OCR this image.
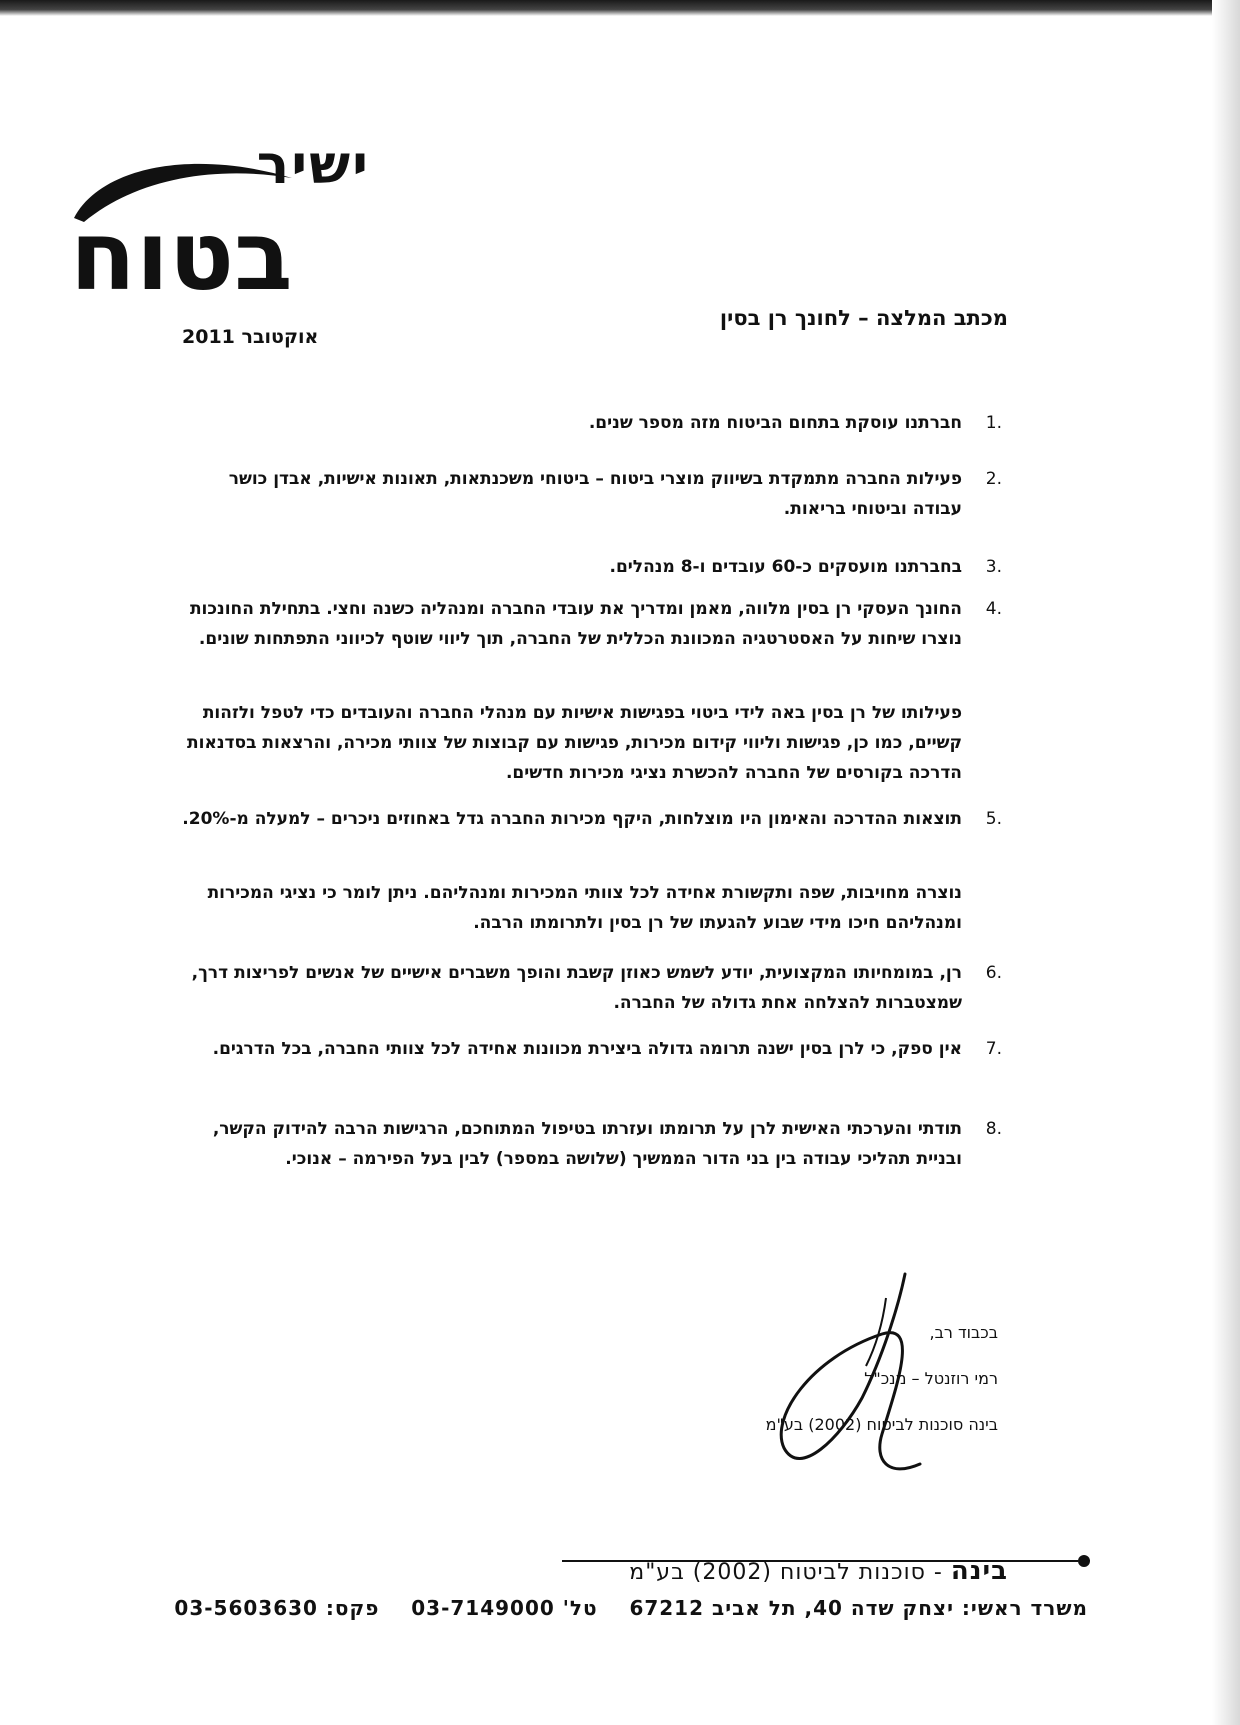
ישיר
בטוח
אוקטובר 2011
מכתב המלצה – לחונך רן בסין
1.
חברתנו עוסקת בתחום הביטוח מזה מספר שנים.
2.
פעילות החברה מתמקדת בשיווק מוצרי ביטוח – ביטוחי משכנתאות, תאונות אישיות, אבדן כושר עבודה וביטוחי בריאות.
3.
בחברתנו מועסקים כ-60 עובדים ו-8 מנהלים.
4.
החונך העסקי רן בסין מלווה, מאמן ומדריך את עובדי החברה ומנהליה כשנה וחצי. בתחילת החונכות נוצרו שיחות על האסטרטגיה המכוונת הכללית של החברה, תוך ליווי שוטף לכיווני התפתחות שונים.
פעילותו של רן בסין באה לידי ביטוי בפגישות אישיות עם מנהלי החברה והעובדים כדי לטפל ולזהות קשיים, כמו כן, פגישות וליווי קידום מכירות, פגישות עם קבוצות של צוותי מכירה, והרצאות בסדנאות הדרכה בקורסים של החברה להכשרת נציגי מכירות חדשים.
5.
תוצאות ההדרכה והאימון היו מוצלחות, היקף מכירות החברה גדל באחוזים ניכרים – למעלה מ-20%.
נוצרה מחויבות, שפה ותקשורת אחידה לכל צוותי המכירות ומנהליהם. ניתן לומר כי נציגי המכירות ומנהליהם חיכו מידי שבוע להגעתו של רן בסין ולתרומתו הרבה.
6.
רן, במומחיותו המקצועית, יודע לשמש כאוזן קשבת והופך משברים אישיים של אנשים לפריצות דרך, שמצטברות להצלחה אחת גדולה של החברה.
7.
אין ספק, כי לרן בסין ישנה תרומה גדולה ביצירת מכוונות אחידה לכל צוותי החברה, בכל הדרגים.
8.
תודתי והערכתי האישית לרן על תרומתו ועזרתו בטיפול המתוחכם, הרגישות הרבה להידוק הקשר, ובניית תהליכי עבודה בין בני הדור הממשיך (שלושה במספר) לבין בעל הפירמה – אנוכי.
בכבוד רב,
רמי רוזנטל – מנכ"ל
בינה סוכנות לביטוח (2002) בע"מ
בינה - סוכנות לביטוח (2002) בע"מ
משרד ראשי: יצחק שדה 40, תל אביב 67212    טל' 03-7149000    פקס: 03-5603630
